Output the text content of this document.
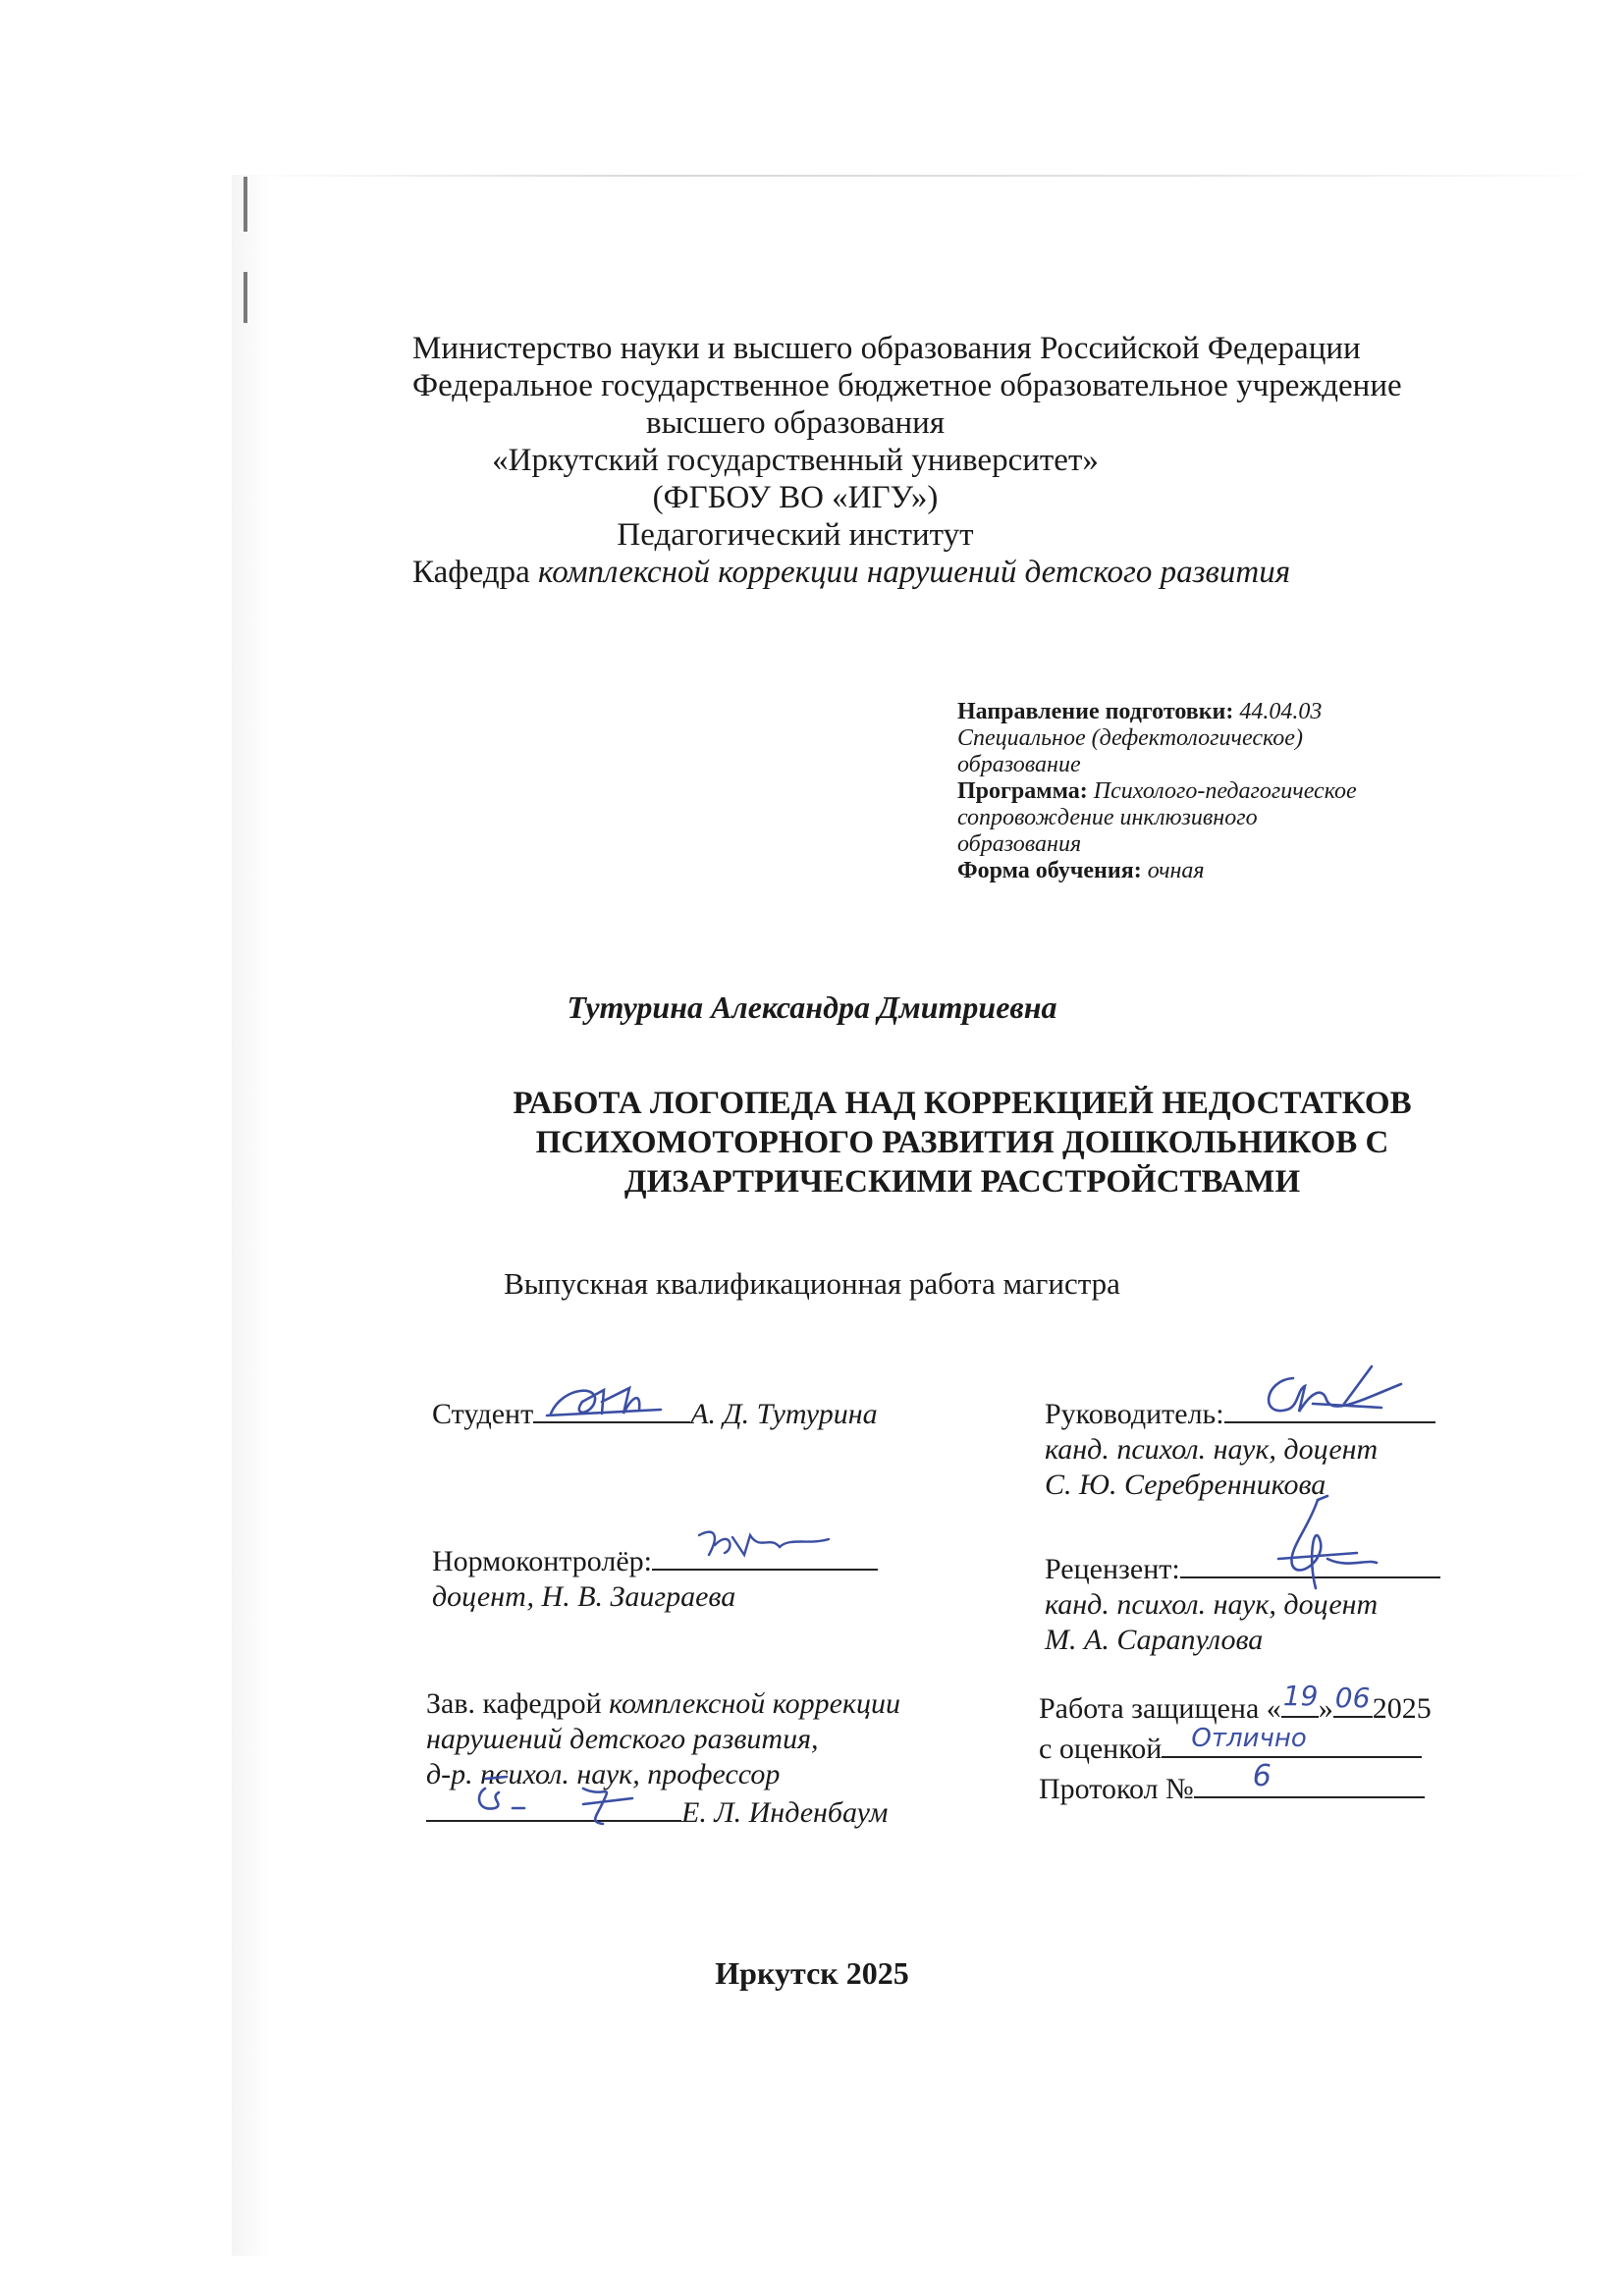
Министерство науки и высшего образования Российской Федерации
Федеральное государственное бюджетное образовательное учреждение
высшего образования
«Иркутский государственный университет»
(ФГБОУ ВО «ИГУ»)
Педагогический институт
Кафедра комплексной коррекции нарушений детского развития
Направление подготовки: 44.04.03
Специальное (дефектологическое)
образование
Программа: Психолого-педагогическое
сопровождение инклюзивного
образования
Форма обучения: очная
Тутурина Александра Дмитриевна
РАБОТА ЛОГОПЕДА НАД КОРРЕКЦИЕЙ НЕДОСТАТКОВ
ПСИХОМОТОРНОГО РАЗВИТИЯ ДОШКОЛЬНИКОВ С
ДИЗАРТРИЧЕСКИМИ РАССТРОЙСТВАМИ
Выпускная квалификационная работа магистра
Студент	А. Д. Тутурина	Руководитель:
канд. психол. наук, доцент
С. Ю. Серебренникова
Нормоконтролёр:
доцент, Н. В. Заиграева
Рецензент:
канд. психол. наук, доцент
М. А. Сарапулова
Зав. кафедрой комплексной коррекции
нарушений детского развития,
д-р. психол. наук, профессор
Е. Л. Инденбаум
Работа защищена « 19 » 06 2025
с оценкой Отлично
Протокол № 6
Иркутск 2025
